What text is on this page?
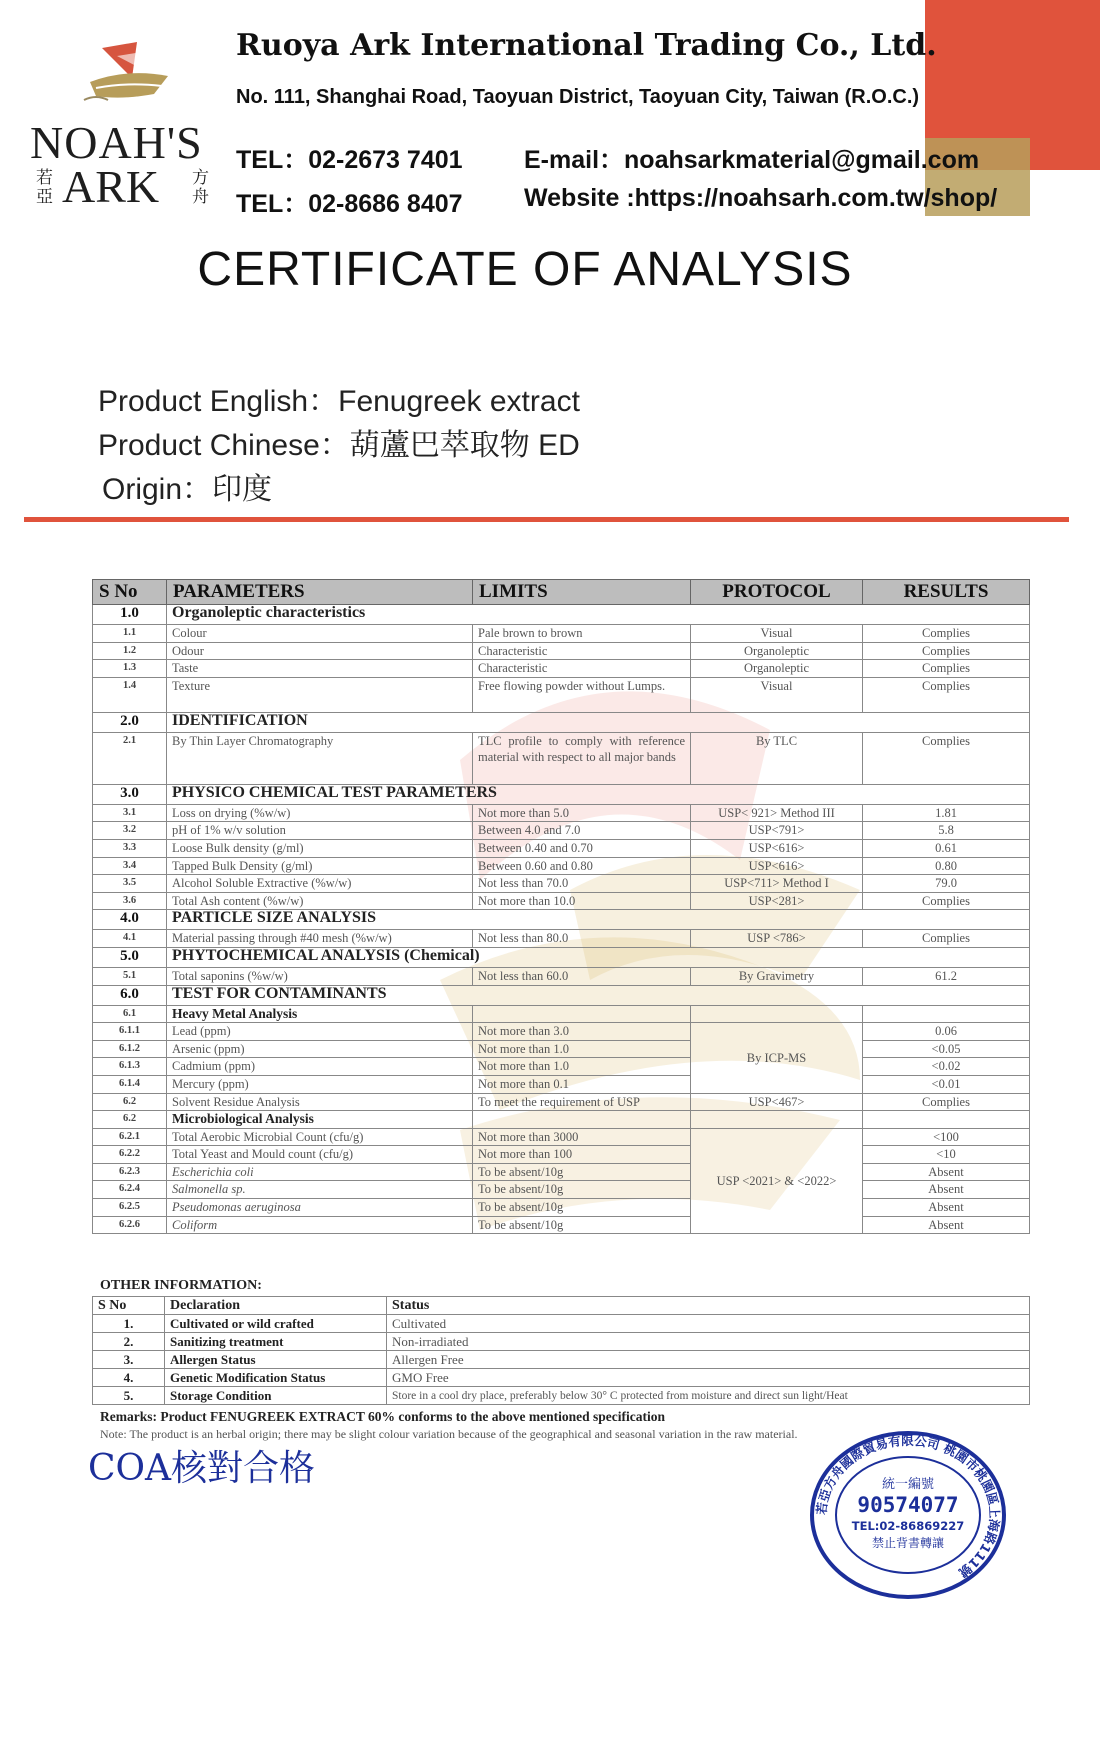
NOAH'S
若亞 ARK 方舟
Ruoya Ark International Trading Co., Ltd.
No. 111, Shanghai Road, Taoyuan District, Taoyuan City, Taiwan (R.O.C.)
TEL：02-2673 7401
TEL：02-8686 8407
E-mail：noahsarkmaterial@gmail.com
Website :https://noahsarh.com.tw/shop/
CERTIFICATE OF ANALYSIS
Product English：Fenugreek extract
Product Chinese：葫蘆巴萃取物 ED
Origin：印度
S No	PARAMETERS	LIMITS	PROTOCOL	RESULTS
1.0	Organoleptic characteristics			
1.1	Colour	Pale brown to brown	Visual	Complies
1.2	Odour	Characteristic	Organoleptic	Complies
1.3	Taste	Characteristic	Organoleptic	Complies
1.4	Texture	Free flowing powder without Lumps.	Visual	Complies
2.0	IDENTIFICATION			
2.1	By Thin Layer Chromatography	TLC profile to comply with reference material with respect to all major bands	By TLC	Complies
3.0	PHYSICO CHEMICAL TEST PARAMETERS			
3.1	Loss on drying (%w/w)	Not more than 5.0	USP< 921> Method III	1.81
3.2	pH of 1% w/v solution	Between 4.0 and 7.0	USP<791>	5.8
3.3	Loose Bulk density (g/ml)	Between 0.40 and 0.70	USP<616>	0.61
3.4	Tapped Bulk Density (g/ml)	Between 0.60 and 0.80	USP<616>	0.80
3.5	Alcohol Soluble Extractive (%w/w)	Not less than 70.0	USP<711> Method I	79.0
3.6	Total Ash content (%w/w)	Not more than 10.0	USP<281>	Complies
4.0	PARTICLE SIZE ANALYSIS			
4.1	Material passing through #40 mesh (%w/w)	Not less than 80.0	USP <786>	Complies
5.0	PHYTOCHEMICAL ANALYSIS (Chemical)			
5.1	Total saponins (%w/w)	Not less than 60.0	By Gravimetry	61.2
6.0	TEST FOR CONTAMINANTS			
6.1	Heavy Metal Analysis			
6.1.1	Lead (ppm)	Not more than 3.0	By ICP-MS	0.06
6.1.2	Arsenic (ppm)	Not more than 1.0		<0.05
6.1.3	Cadmium (ppm)	Not more than 1.0		<0.02
6.1.4	Mercury (ppm)	Not more than 0.1		<0.01
6.2	Solvent Residue Analysis	To meet the requirement of USP	USP<467>	Complies
6.2	Microbiological Analysis			
6.2.1	Total Aerobic Microbial Count (cfu/g)	Not more than 3000	USP <2021> & <2022>	<100
6.2.2	Total Yeast and Mould count (cfu/g)	Not more than 100		<10
6.2.3	Escherichia coli	To be absent/10g		Absent
6.2.4	Salmonella sp.	To be absent/10g		Absent
6.2.5	Pseudomonas aeruginosa	To be absent/10g		Absent
6.2.6	Coliform	To be absent/10g		Absent
OTHER INFORMATION:
S No	Declaration	Status
1.	Cultivated or wild crafted	Cultivated
2.	Sanitizing treatment	Non-irradiated
3.	Allergen Status	Allergen Free
4.	Genetic Modification Status	GMO Free
5.	Storage Condition	Store in a cool dry place, preferably below 30° C protected from moisture and direct sun light/Heat
Remarks: Product FENUGREEK EXTRACT 60% conforms to the above mentioned specification
Note: The product is an herbal origin; there may be slight colour variation because of the geographical and seasonal variation in the raw material.
COA核對合格
若亞方舟國際貿易有限公司 桃園市桃園區上海路111號
統一編號
90574077
TEL:02-86869227
禁止背書轉讓
